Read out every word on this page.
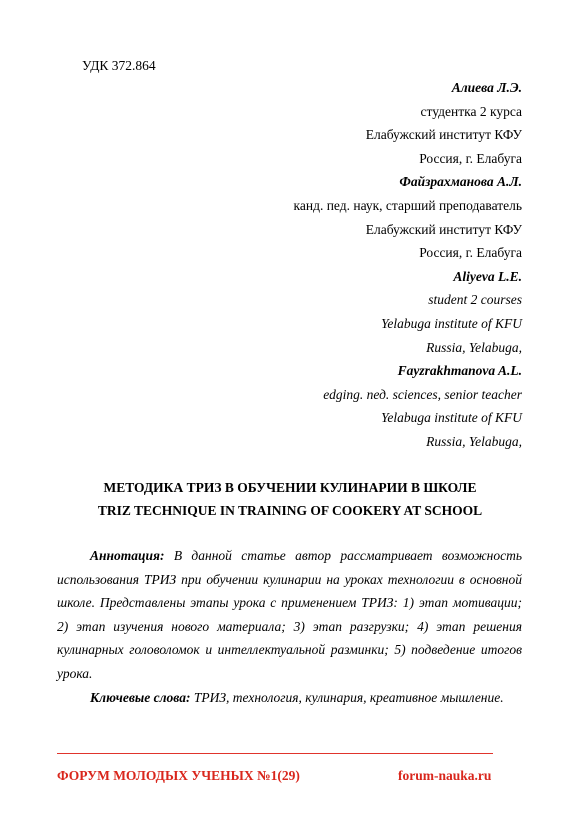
УДК 372.864
Алиева Л.Э.
студентка 2 курса
Елабужский институт КФУ
Россия, г. Елабуга
Файзрахманова А.Л.
канд. пед. наук, старший преподаватель
Елабужский институт КФУ
Россия, г. Елабуга
Aliyeva L.E.
student 2 courses
Yelabuga institute of KFU
Russia, Yelabuga,
Fayzrakhmanova A.L.
edging. пед. sciences, senior teacher
Yelabuga institute of KFU
Russia, Yelabuga,
МЕТОДИКА ТРИЗ В ОБУЧЕНИИ КУЛИНАРИИ В ШКОЛЕ
TRIZ TECHNIQUE IN TRAINING OF COOKERY AT SCHOOL

Аннотация: В данной статье автор рассматривает возможность использования ТРИЗ при обучении кулинарии на уроках технологии в основной школе. Представлены этапы урока с применением ТРИЗ: 1) этап мотивации; 2) этап изучения нового материала; 3) этап разгрузки; 4) этап решения кулинарных головоломок и интеллектуальной разминки; 5) подведение итогов урока.

Ключевые слова: ТРИЗ, технология, кулинария, креативное мышление.

ФОРУМ МОЛОДЫХ УЧЕНЫХ №1(29)	forum-nauka.ru
